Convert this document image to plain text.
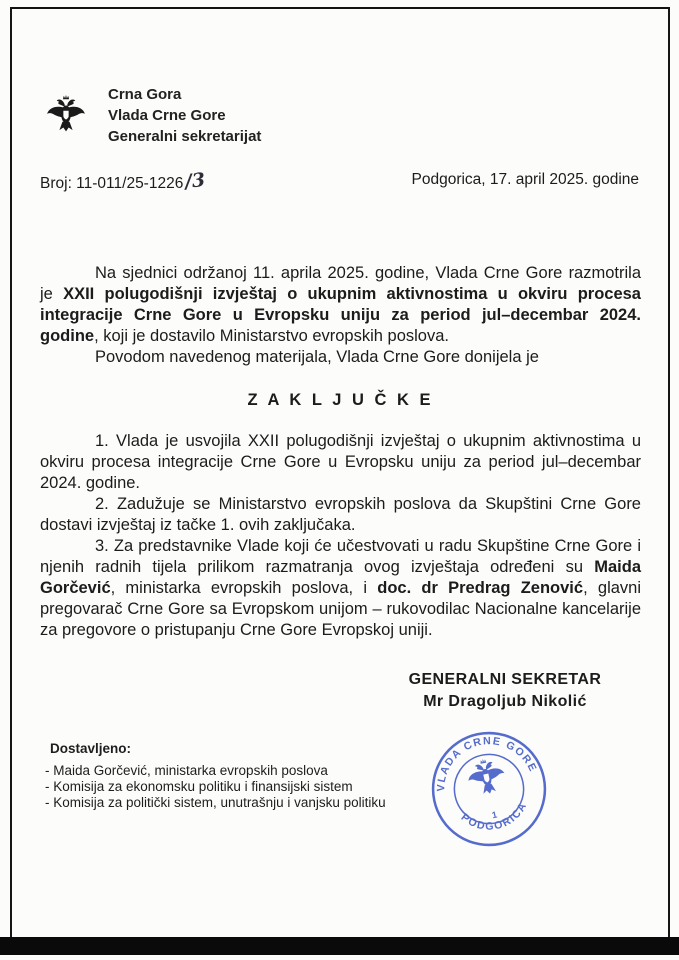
Crna Gora
Vlada Crne Gore
Generalni sekretarijat
Broj: 11-011/25-1226/3	Podgorica, 17. april 2025. godine

Na sjednici održanoj 11. aprila 2025. godine, Vlada Crne Gore razmotrila je XXII polugodišnji izvještaj o ukupnim aktivnostima u okviru procesa integracije Crne Gore u Evropsku uniju za period jul–decembar 2024. godine, koji je dostavilo Ministarstvo evropskih poslova.

Povodom navedenog materijala, Vlada Crne Gore donijela je

Z A K L J U Č K E

1. Vlada je usvojila XXII polugodišnji izvještaj o ukupnim aktivnostima u okviru procesa integracije Crne Gore u Evropsku uniju za period jul–decembar 2024. godine.

2. Zadužuje se Ministarstvo evropskih poslova da Skupštini Crne Gore dostavi izvještaj iz tačke 1. ovih zaključaka.

3. Za predstavnike Vlade koji će učestvovati u radu Skupštine Crne Gore i njenih radnih tijela prilikom razmatranja ovog izvještaja određeni su Maida Gorčević, ministarka evropskih poslova, i doc. dr Predrag Zenović, glavni pregovarač Crne Gore sa Evropskom unijom – rukovodilac Nacionalne kancelarije za pregovore o pristupanju Crne Gore Evropskoj uniji.

GENERALNI SEKRETAR
Mr Dragoljub Nikolić
VLADA CRNE GORE
PODGORICA
1
Dostavljeno:
- Maida Gorčević, ministarka evropskih poslova
- Komisija za ekonomsku politiku i finansijski sistem
- Komisija za politički sistem, unutrašnju i vanjsku politiku
